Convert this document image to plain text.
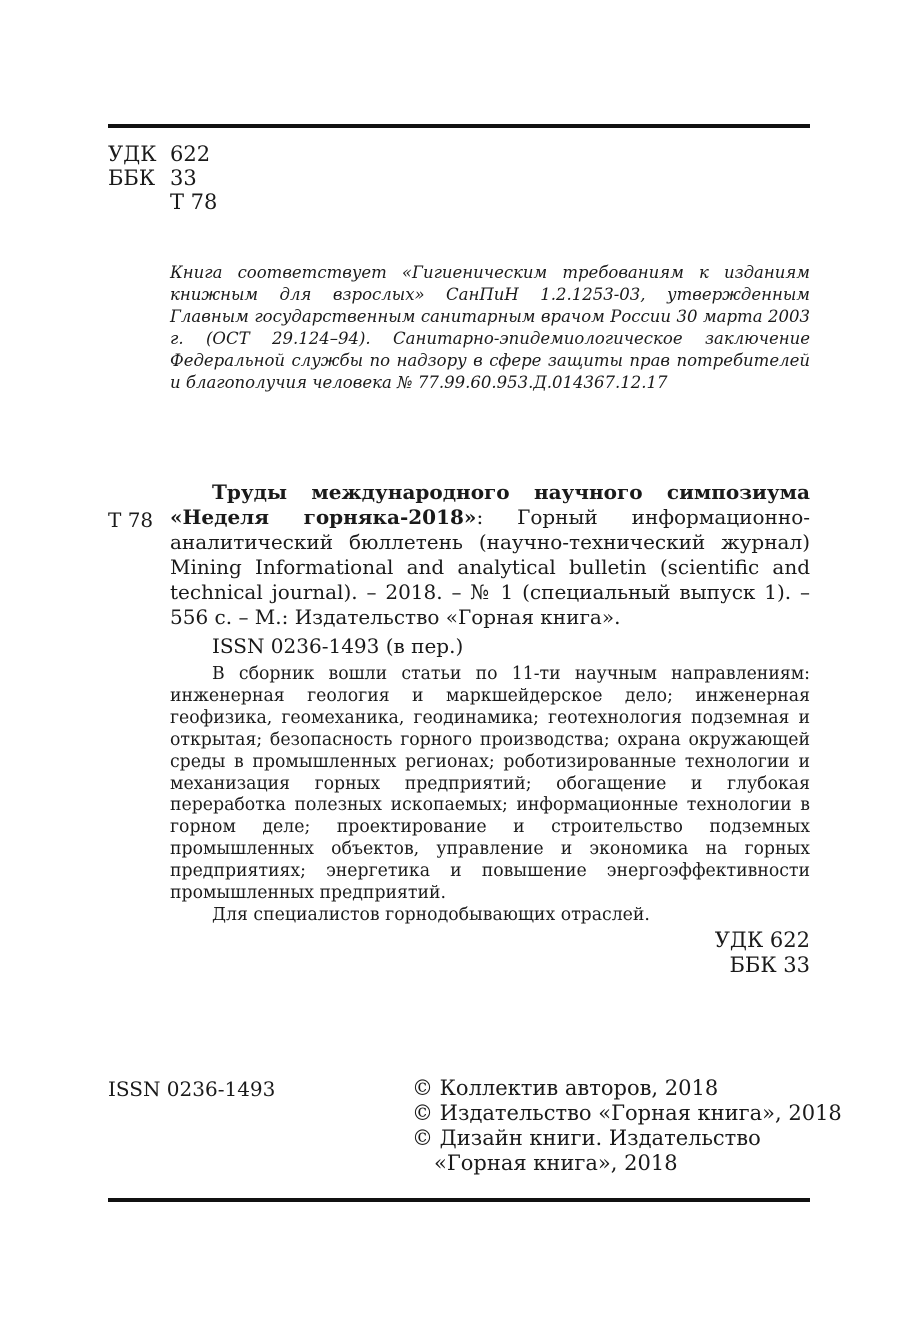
УДК 622
ББК 33
Т 78
Книга соответствует «Гигиеническим требованиям к изданиям книжным для взрослых» СанПиН 1.2.1253-03, утвержденным Главным государственным санитарным врачом России 30 марта 2003 г. (ОСТ 29.124–94). Санитарно-эпидемиологическое заключение Федеральной службы по надзору в сфере защиты прав потребителей и благополучия человека № 77.99.60.953.Д.014367.12.17
Т 78

Труды международного научного симпозиума «Неделя горняка-2018»: Горный информационно-аналитический бюллетень (научно-технический журнал) Mining Informational and analytical bulletin (scientific and technical journal). – 2018. – № 1 (специальный выпуск 1). – 556 с. – М.: Издательство «Горная книга».

ISSN 0236-1493 (в пер.)

В сборник вошли статьи по 11-ти научным направлениям: инженерная геология и маркшейдерское дело; инженерная геофизика, геомеханика, геодинамика; геотехнология подземная и открытая; безопасность горного производства; охрана окружающей среды в промышленных регионах; роботизированные технологии и механизация горных предприятий; обогащение и глубокая переработка полезных ископаемых; информационные технологии в горном деле; проектирование и строительство подземных промышленных объектов, управление и экономика на горных предприятиях; энергетика и повышение энергоэффективности промышленных предприятий.

Для специалистов горнодобывающих отраслей.

УДК 622
ББК 33
ISSN 0236-1493	© Коллектив авторов, 2018
© Издательство «Горная книга», 2018
© Дизайн книги. Издательство
«Горная книга», 2018
